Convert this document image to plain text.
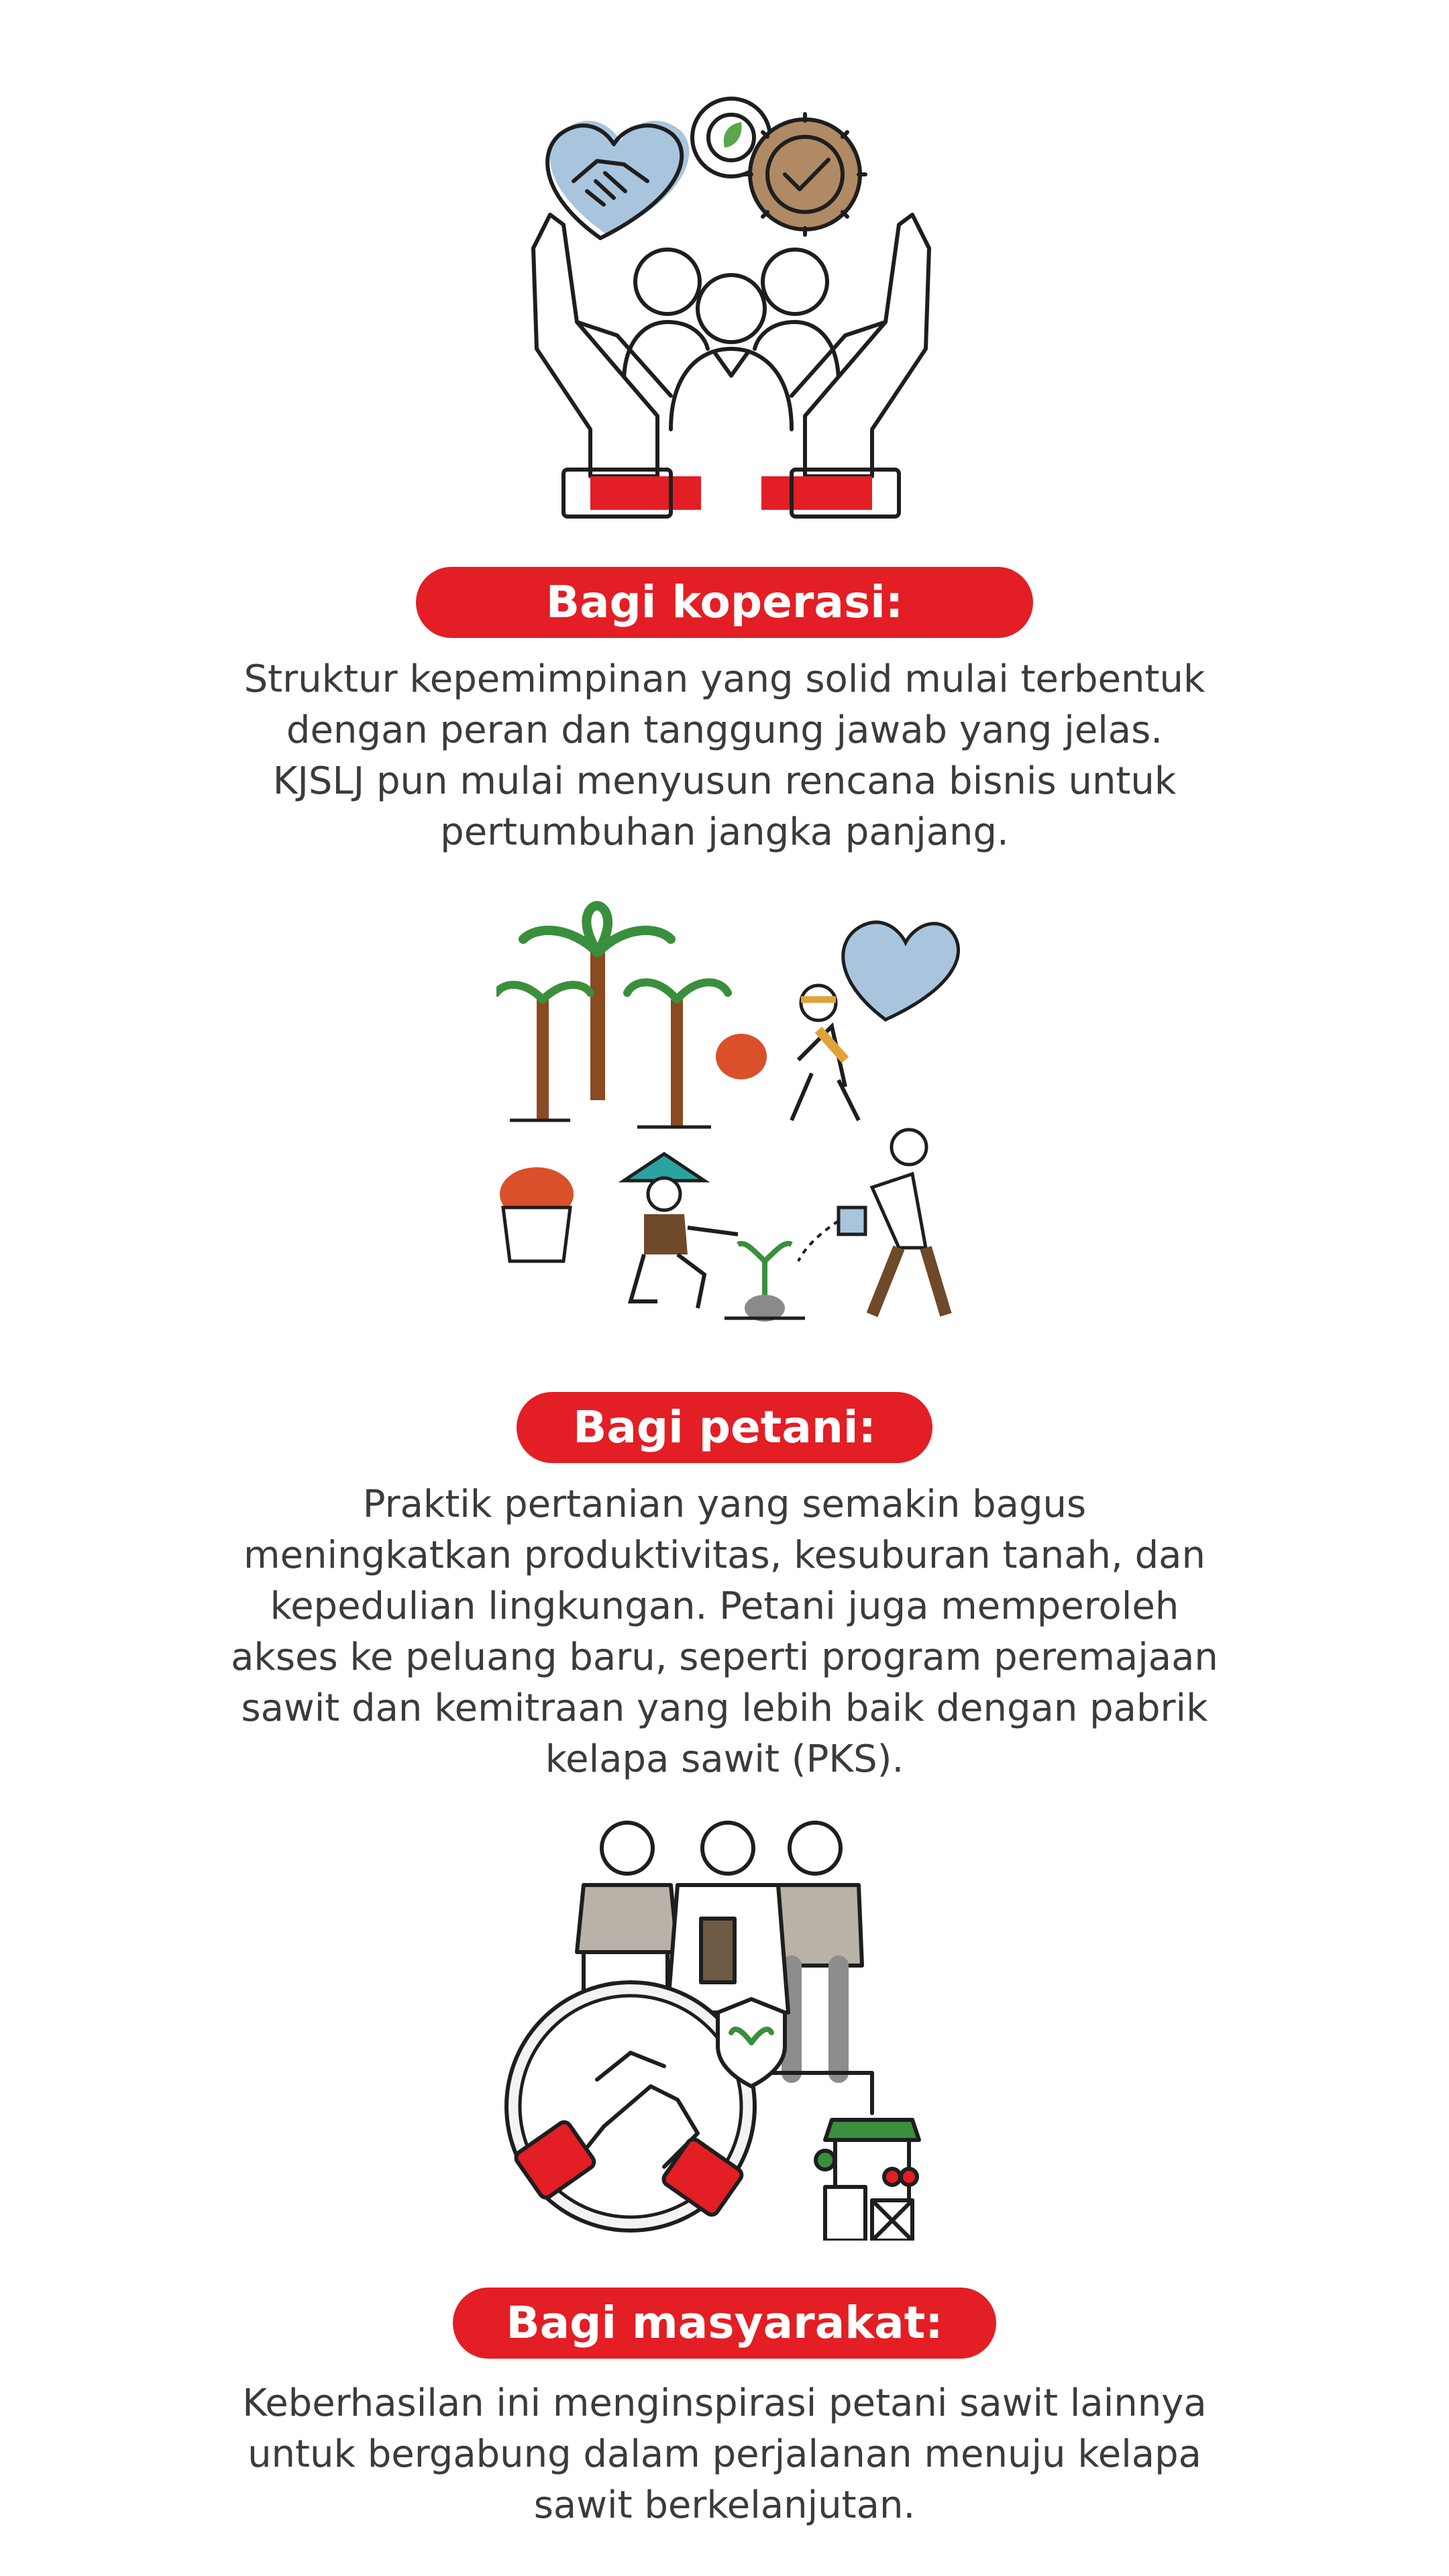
Bagi koperasi:
Struktur kepemimpinan yang solid mulai terbentuk
dengan peran dan tanggung jawab yang jelas.
KJSLJ pun mulai menyusun rencana bisnis untuk
pertumbuhan jangka panjang.
Bagi petani:
Praktik pertanian yang semakin bagus
meningkatkan produktivitas, kesuburan tanah, dan
kepedulian lingkungan. Petani juga memperoleh
akses ke peluang baru, seperti program peremajaan
sawit dan kemitraan yang lebih baik dengan pabrik
kelapa sawit (PKS).
Bagi masyarakat:
Keberhasilan ini menginspirasi petani sawit lainnya
untuk bergabung dalam perjalanan menuju kelapa
sawit berkelanjutan.
